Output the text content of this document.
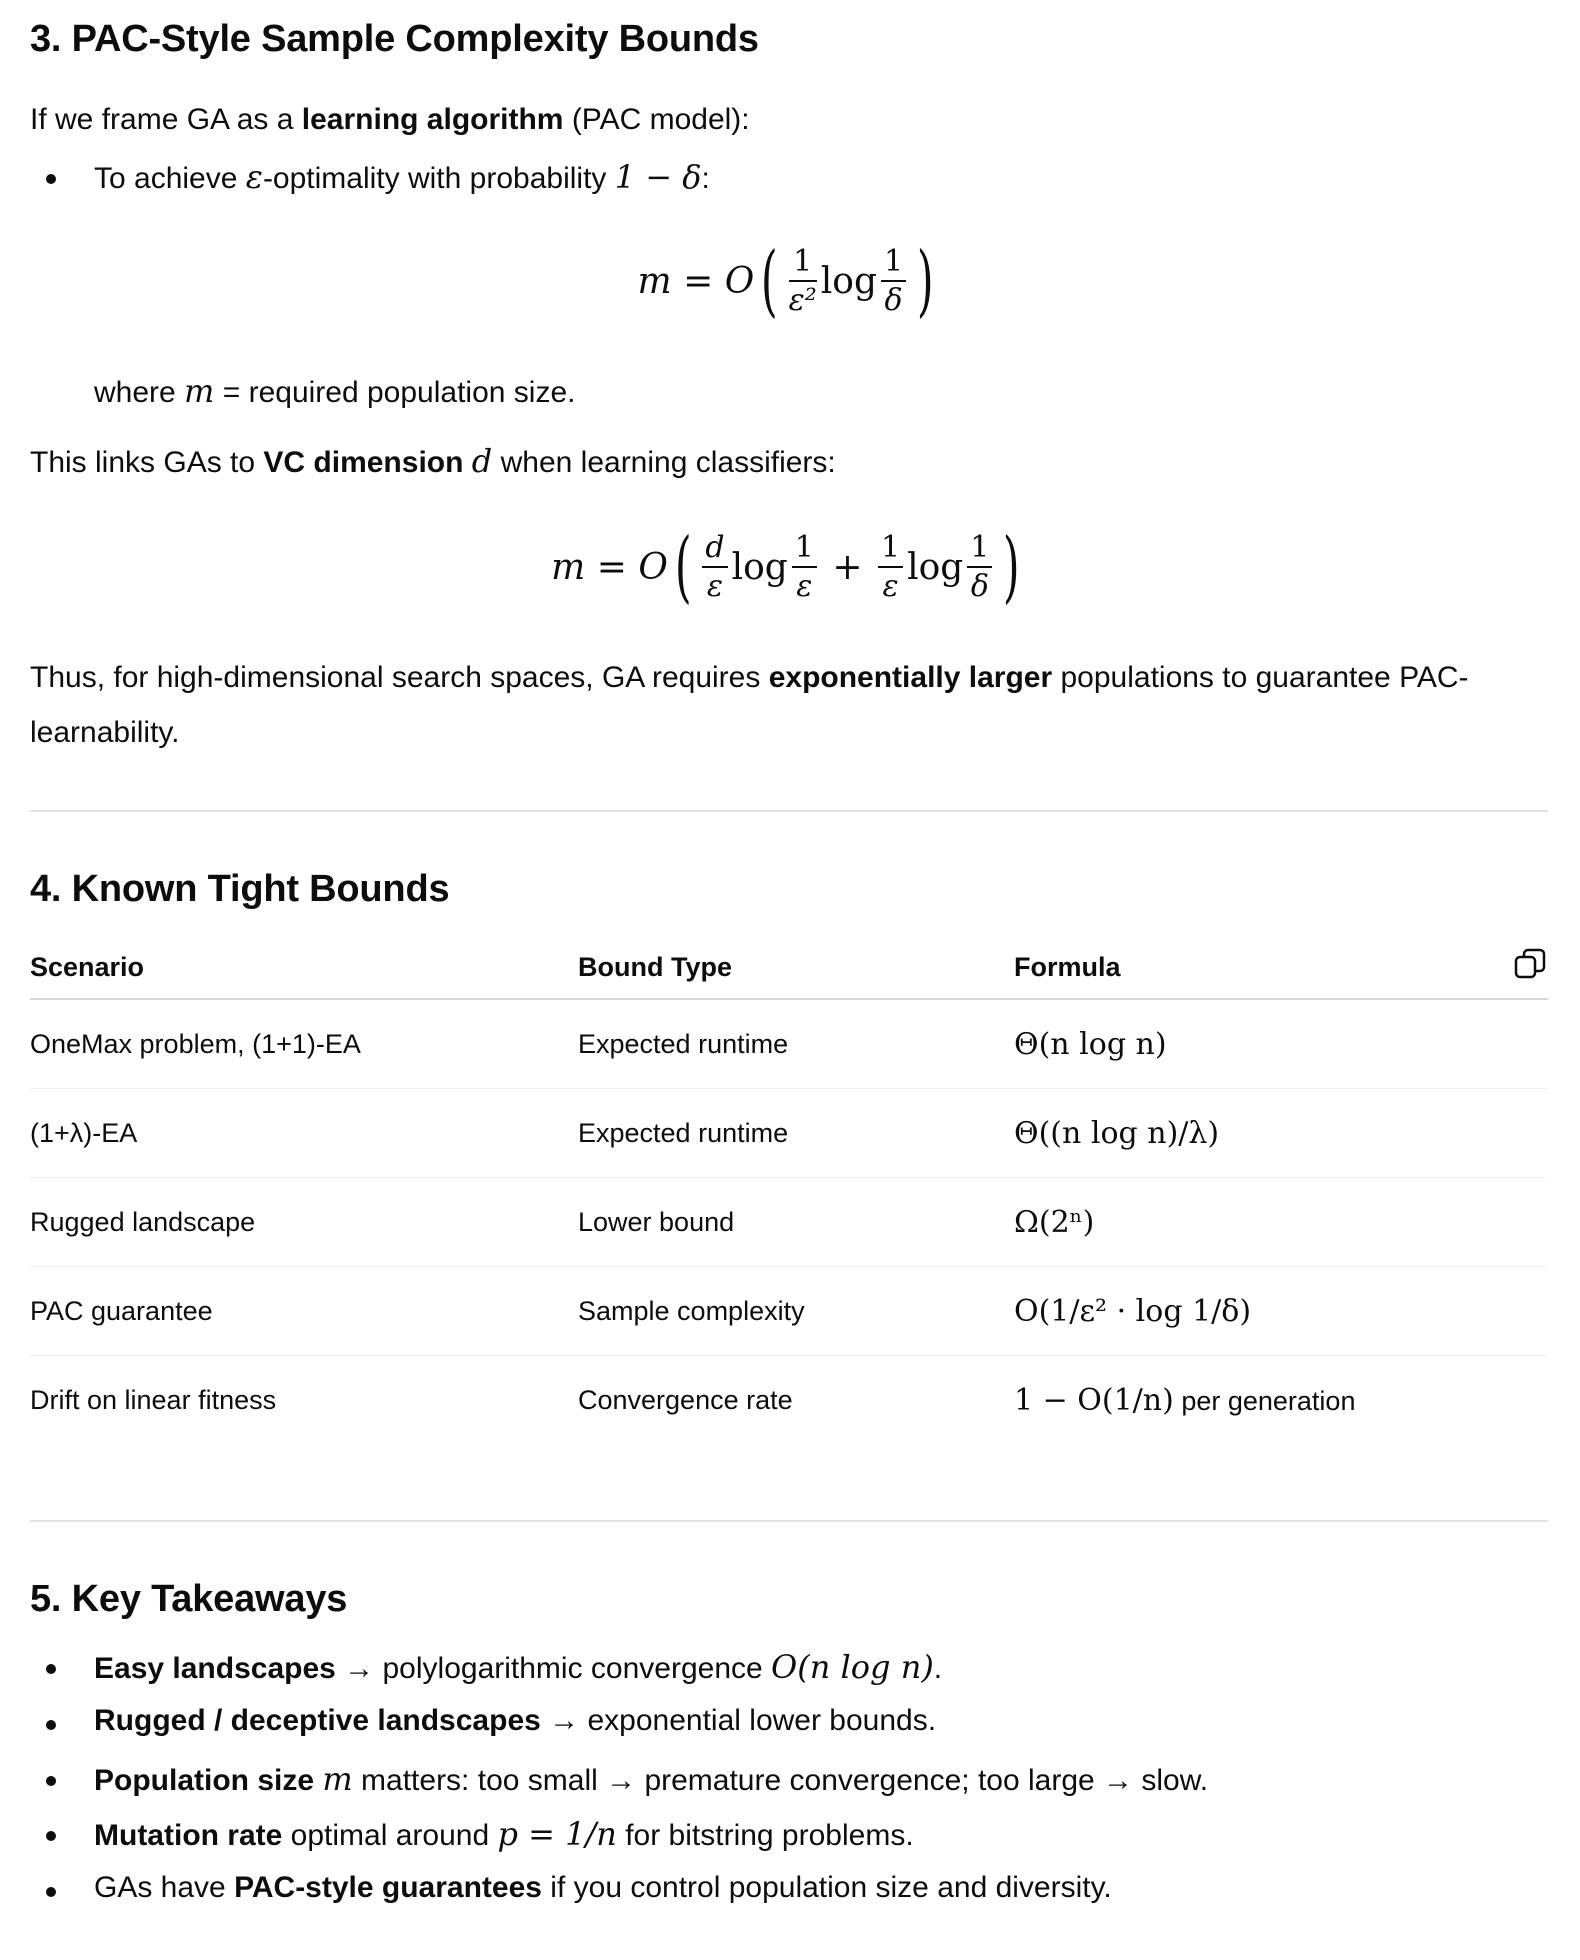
3. PAC-Style Sample Complexity Bounds
If we frame GA as a learning algorithm (PAC model):
To achieve ε-optimality with probability 1 − δ:
m
=
O ( $\frac{1}{\text{ε²}}$ $\log \frac{1}{\delta}$ )
where m = required population size.
This links GAs to VC dimension d when learning classifiers:
m
=
O ( $\frac{d}{\varepsilon}$ $\log \frac{1}{\varepsilon}$
+
$\frac{1}{\varepsilon}$ $\log \frac{1}{\delta}$ )
Thus, for high-dimensional search spaces, GA requires exponentially larger populations to guarantee PAC-learnability.
4. Known Tight Bounds
Scenario	Bound Type	Formula
OneMax problem, (1+1)-EA	Expected runtime	Θ(n log n)
(1+λ)-EA	Expected runtime	Θ((n log n)/λ)
Rugged landscape	Lower bound	Ω(2ⁿ)
PAC guarantee	Sample complexity	O(1/ε² · log 1/δ)
Drift on linear fitness	Convergence rate	1 − O(1/n) per generation
5. Key Takeaways
Easy landscapes → polylogarithmic convergence O(n log n).
Rugged / deceptive landscapes → exponential lower bounds.
Population size m matters: too small → premature convergence; too large → slow.
Mutation rate optimal around p = 1/n for bitstring problems.
GAs have PAC-style guarantees if you control population size and diversity.
